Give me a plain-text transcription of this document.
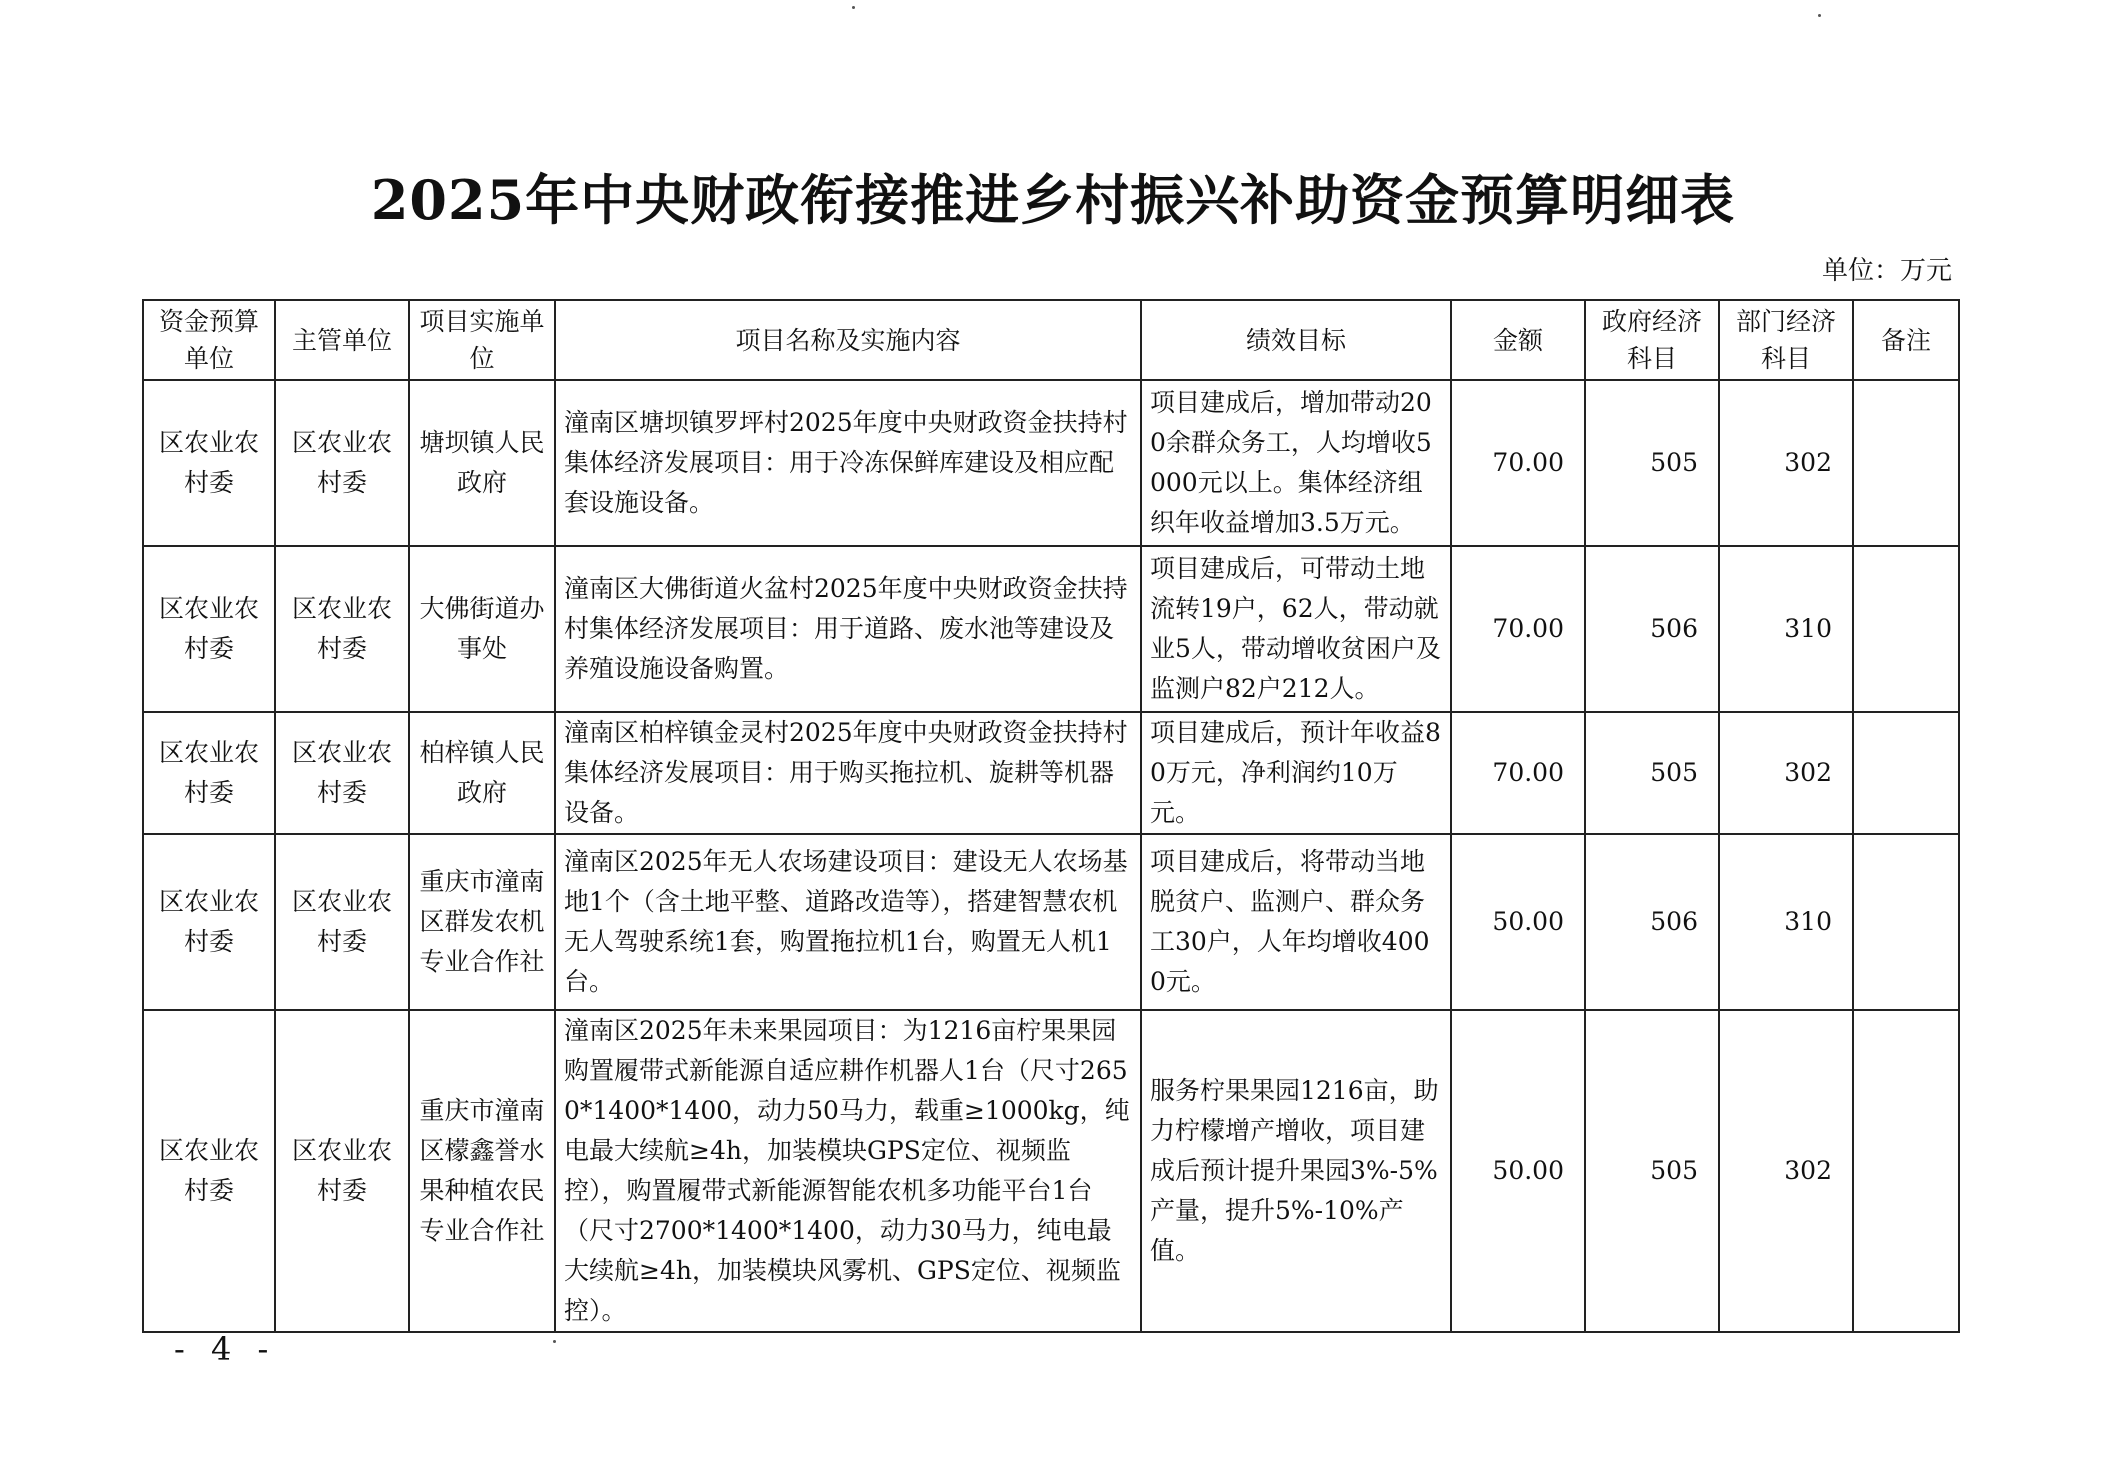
2025年中央财政衔接推进乡村振兴补助资金预算明细表
单位：万元
资金预算单位	主管单位	项目实施单位	项目名称及实施内容	绩效目标	金额	政府经济科目	部门经济科目	备注
区农业农村委	区农业农村委	塘坝镇人民政府	潼南区塘坝镇罗坪村2025年度中央财政资金扶持村集体经济发展项目：用于冷冻保鲜库建设及相应配套设施设备。	项目建成后，增加带动200余群众务工，人均增收5000元以上。集体经济组织年收益增加3.5万元。	70.00	505	302	
区农业农村委	区农业农村委	大佛街道办事处	潼南区大佛街道火盆村2025年度中央财政资金扶持村集体经济发展项目：用于道路、废水池等建设及养殖设施设备购置。	项目建成后，可带动土地流转19户，62人，带动就业5人，带动增收贫困户及监测户82户212人。	70.00	506	310	
区农业农村委	区农业农村委	柏梓镇人民政府	潼南区柏梓镇金灵村2025年度中央财政资金扶持村集体经济发展项目：用于购买拖拉机、旋耕等机器设备。	项目建成后，预计年收益80万元，净利润约10万元。	70.00	505	302	
区农业农村委	区农业农村委	重庆市潼南区群发农机专业合作社	潼南区2025年无人农场建设项目：建设无人农场基地1个（含土地平整、道路改造等），搭建智慧农机无人驾驶系统1套，购置拖拉机1台，购置无人机1台。	项目建成后，将带动当地脱贫户、监测户、群众务工30户，人年均增收4000元。	50.00	506	310	
区农业农村委	区农业农村委	重庆市潼南区檬鑫誉水果种植农民专业合作社	潼南区2025年未来果园项目：为1216亩柠果果园购置履带式新能源自适应耕作机器人1台（尺寸2650*1400*1400，动力50马力，载重≥1000kg，纯电最大续航≥4h，加装模块GPS定位、视频监控），购置履带式新能源智能农机多功能平台1台（尺寸2700*1400*1400，动力30马力，纯电最大续航≥4h，加装模块风雾机、GPS定位、视频监控）。	服务柠果果园1216亩，助力柠檬增产增收，项目建成后预计提升果园3%-5%产量，提升5%-10%产值。	50.00	505	302	
- 4 -
